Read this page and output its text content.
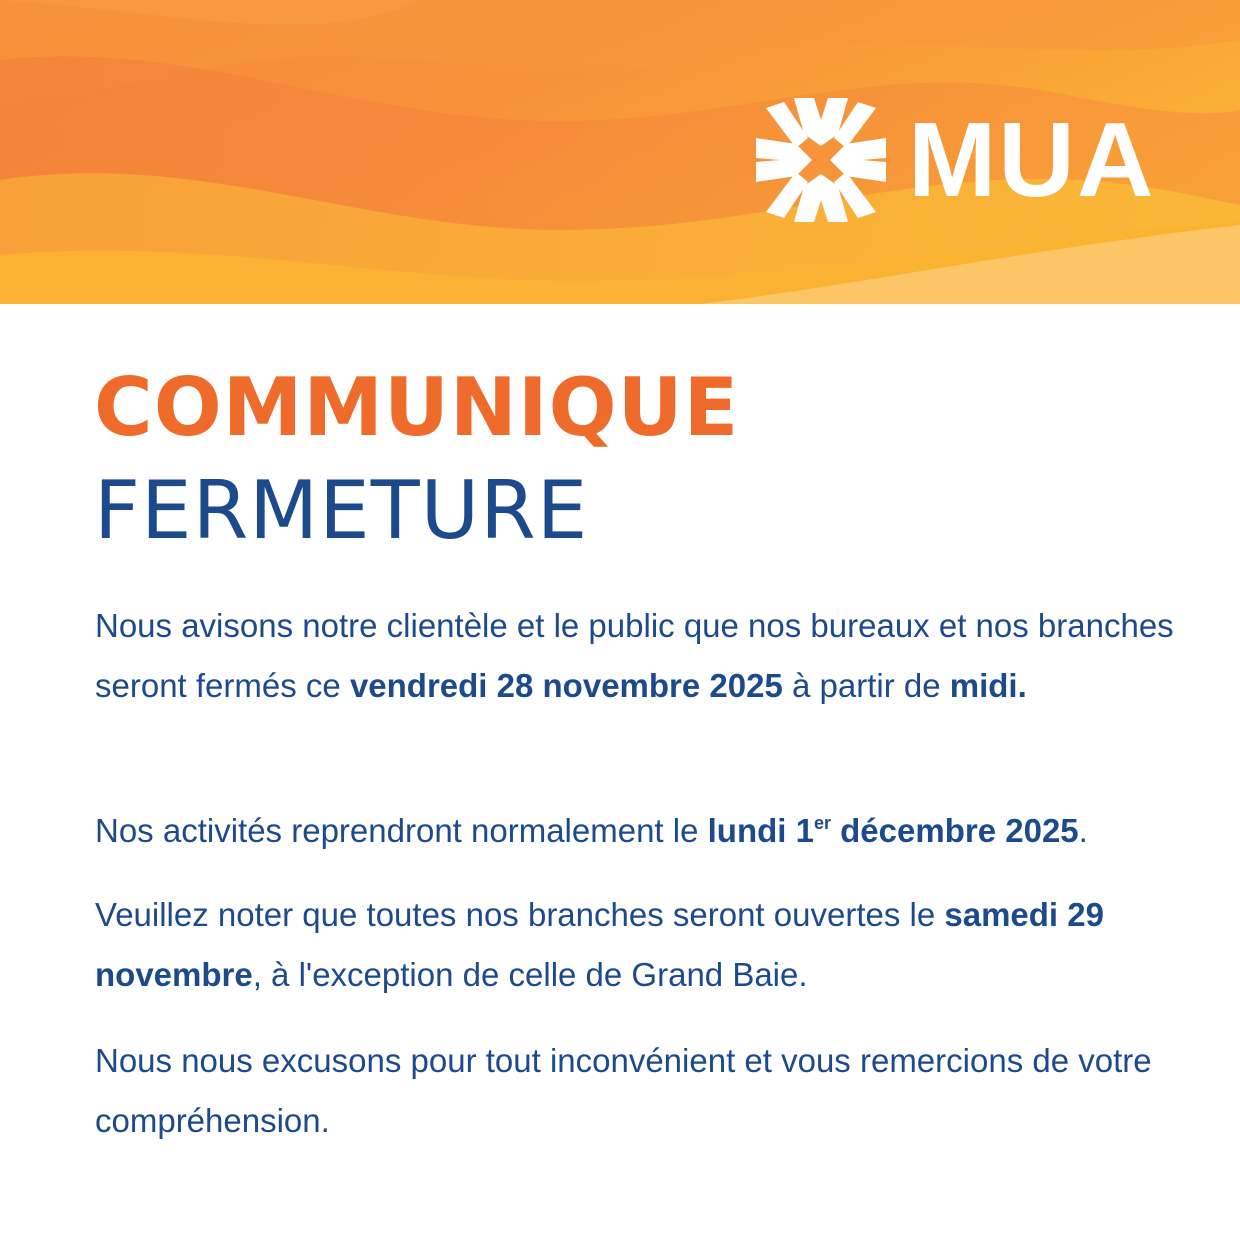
MUA
COMMUNIQUE
FERMETURE

Nous avisons notre clientèle et le public que nos bureaux et nos branches seront fermés ce vendredi 28 novembre 2025 à partir de midi.

Nos activités reprendront normalement le lundi 1er décembre 2025.

Veuillez noter que toutes nos branches seront ouvertes le samedi 29 novembre, à l'exception de celle de Grand Baie.

Nous nous excusons pour tout inconvénient et vous remercions de votre compréhension.
